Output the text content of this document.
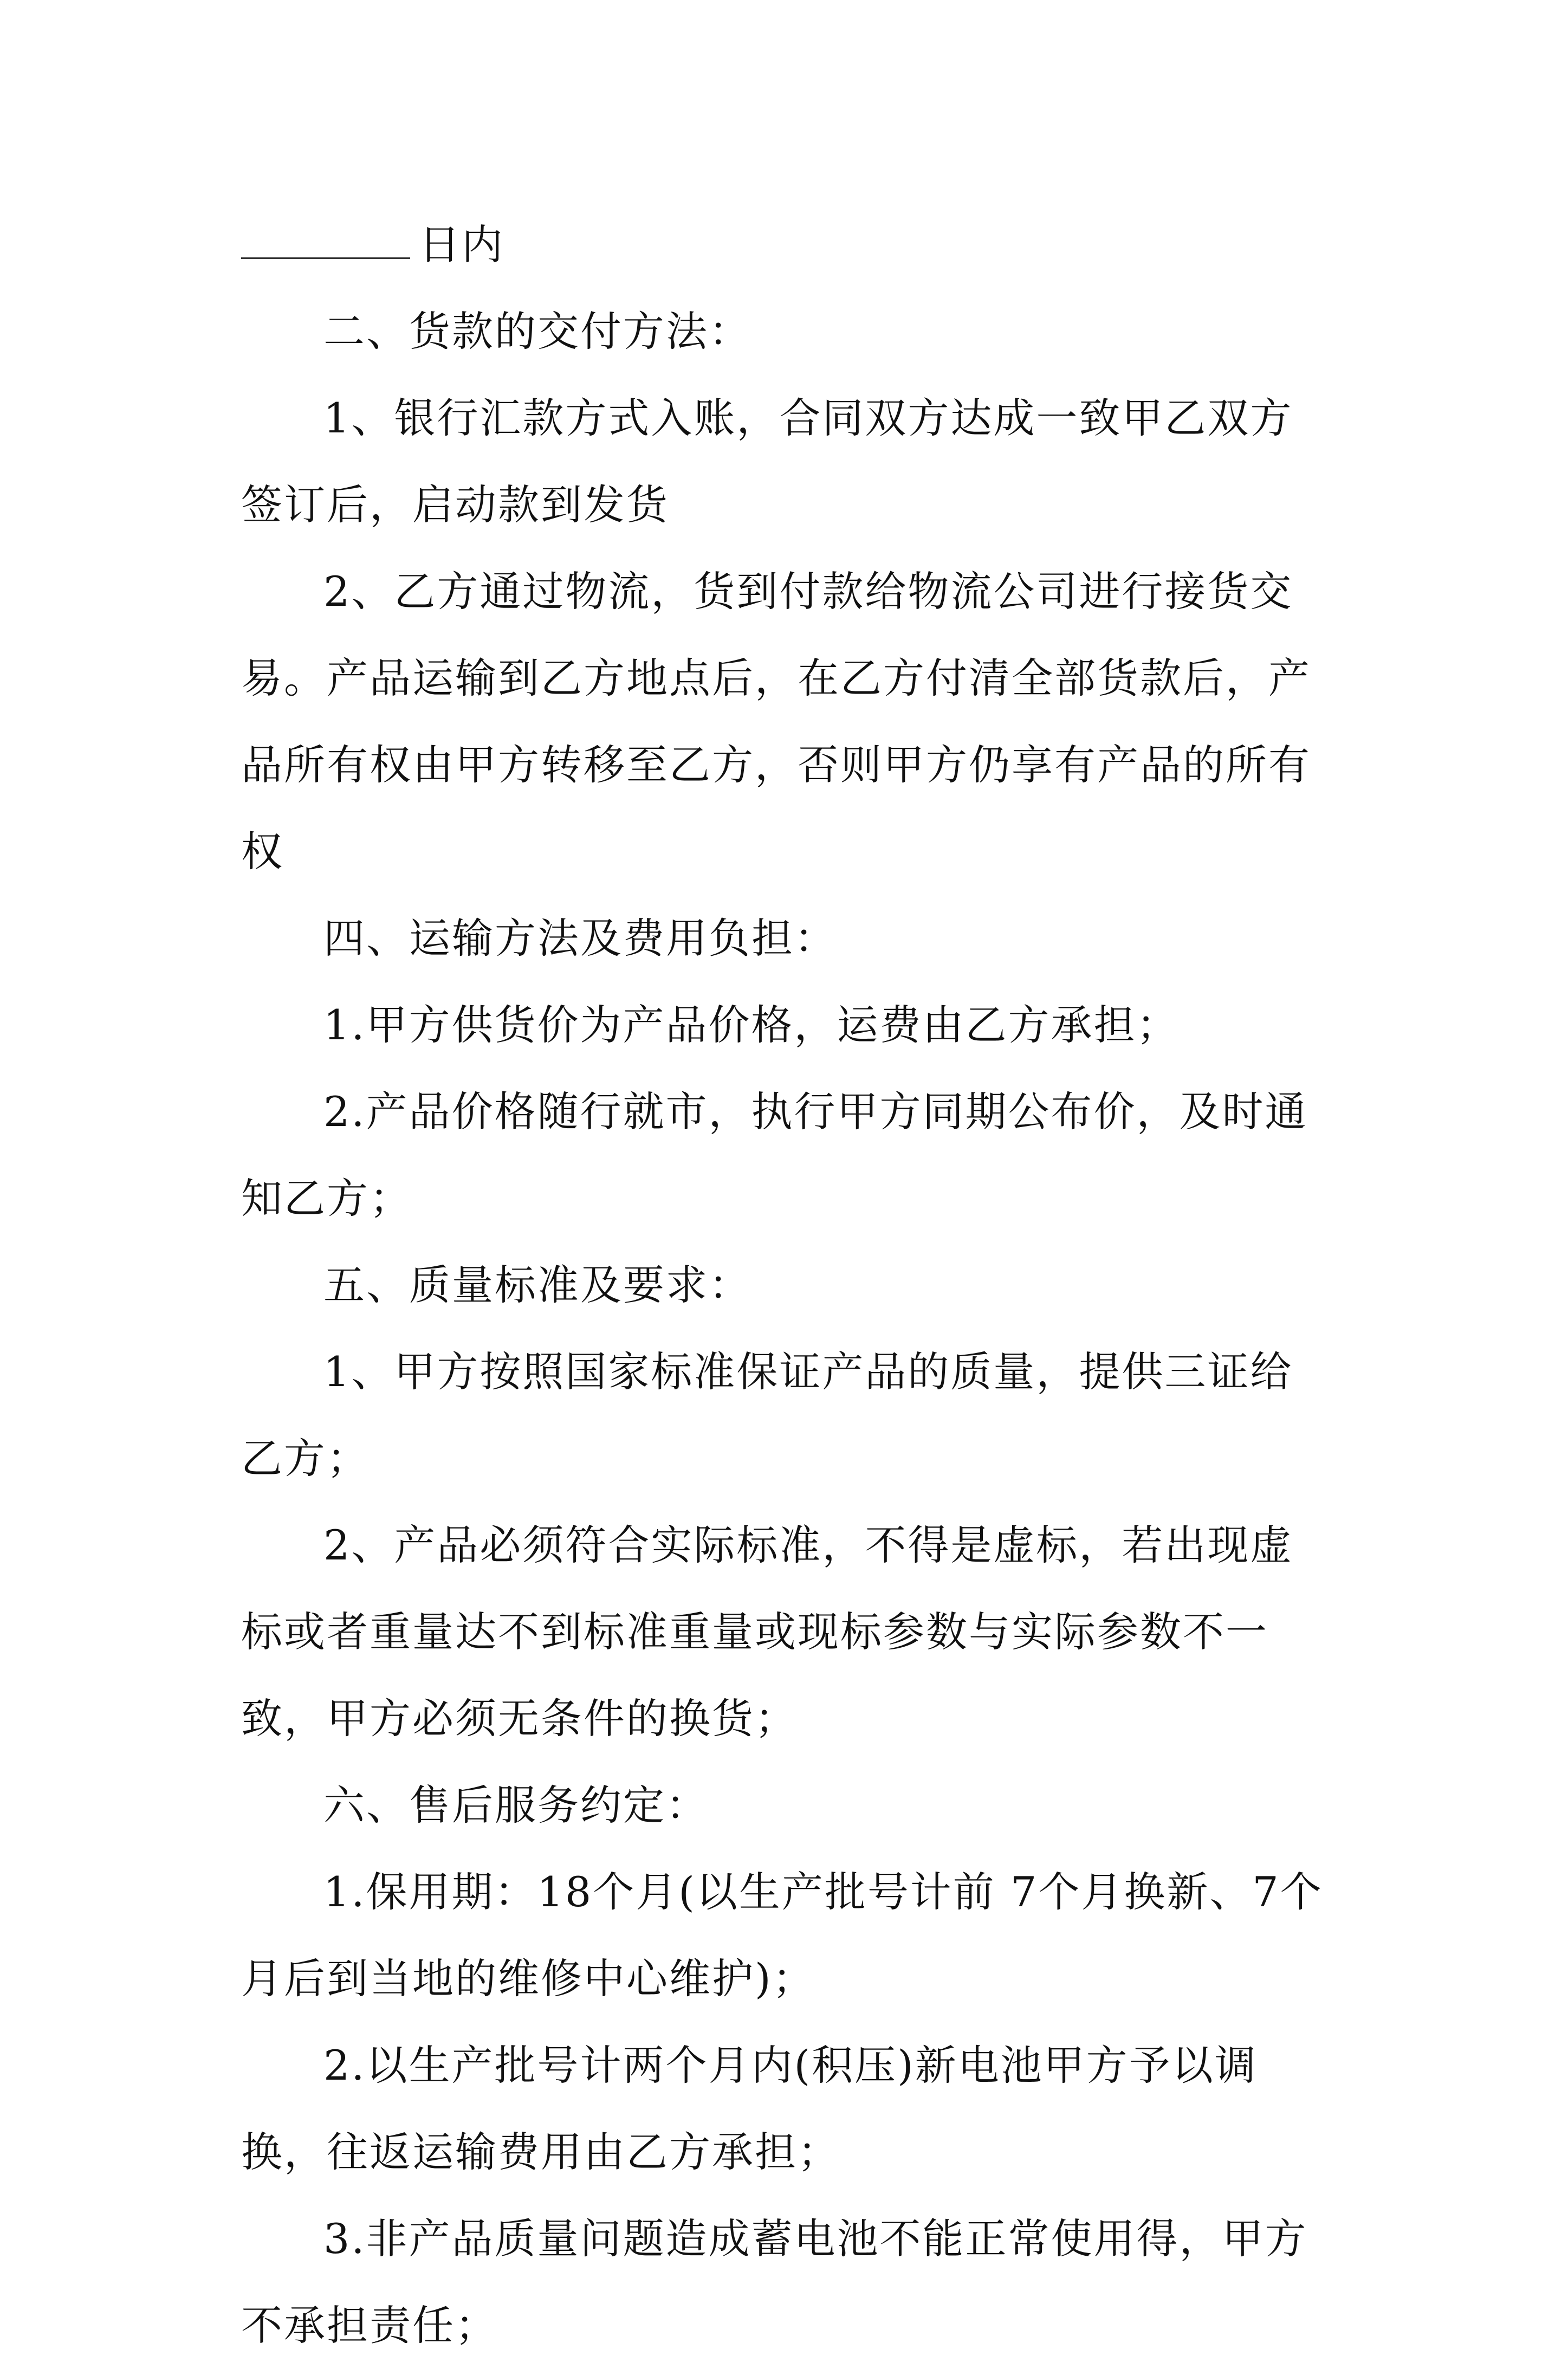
日内

二、货款的交付方法：

1、银行汇款方式入账，合同双方达成一致甲乙双方签订后，启动款到发货

2、乙方通过物流，货到付款给物流公司进行接货交易。产品运输到乙方地点后，在乙方付清全部货款后，产品所有权由甲方转移至乙方，否则甲方仍享有产品的所有权

四、运输方法及费用负担：

1.甲方供货价为产品价格，运费由乙方承担；

2.产品价格随行就市，执行甲方同期公布价，及时通知乙方；

五、质量标准及要求：

1、甲方按照国家标准保证产品的质量，提供三证给乙方；

2、产品必须符合实际标准，不得是虚标，若出现虚标或者重量达不到标准重量或现标参数与实际参数不一致，甲方必须无条件的换货；

六、售后服务约定：

1.保用期：18个月(以生产批号计前 7个月换新、7个月后到当地的维修中心维护)；

2.以生产批号计两个月内(积压)新电池甲方予以调换，往返运输费用由乙方承担；

3.非产品质量问题造成蓄电池不能正常使用得，甲方不承担责任；
